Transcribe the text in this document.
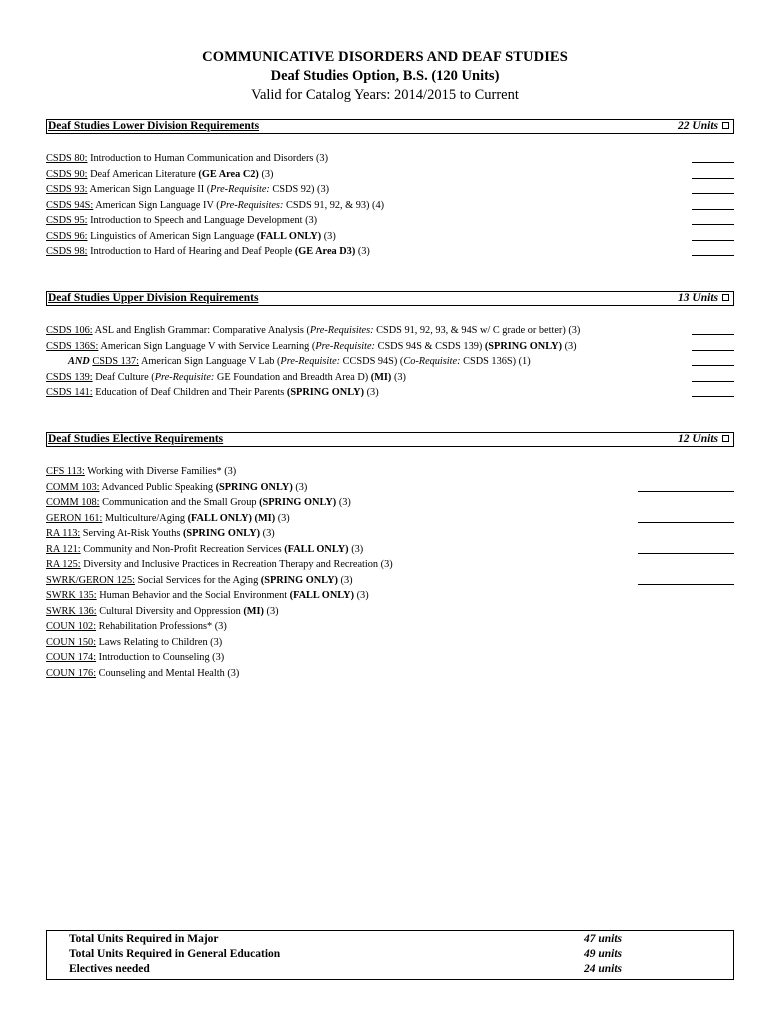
COMMUNICATIVE DISORDERS AND DEAF STUDIES
Deaf Studies Option, B.S. (120 Units)
Valid for Catalog Years: 2014/2015 to Current
Deaf Studies Lower Division Requirements	22 Units
CSDS 80: Introduction to Human Communication and Disorders (3)
CSDS 90: Deaf American Literature (GE Area C2) (3)
CSDS 93: American Sign Language II (Pre-Requisite: CSDS 92) (3)
CSDS 94S: American Sign Language IV (Pre-Requisites: CSDS 91, 92, & 93) (4)
CSDS 95: Introduction to Speech and Language Development (3)
CSDS 96: Linguistics of American Sign Language (FALL ONLY) (3)
CSDS 98: Introduction to Hard of Hearing and Deaf People (GE Area D3) (3)
Deaf Studies Upper Division Requirements	13 Units
CSDS 106: ASL and English Grammar: Comparative Analysis (Pre-Requisites: CSDS 91, 92, 93, & 94S w/ C grade or better) (3)
CSDS 136S: American Sign Language V with Service Learning (Pre-Requisite: CSDS 94S & CSDS 139) (SPRING ONLY) (3)
AND CSDS 137: American Sign Language V Lab (Pre-Requisite: CCSDS 94S) (Co-Requisite: CSDS 136S) (1)
CSDS 139: Deaf Culture (Pre-Requisite: GE Foundation and Breadth Area D) (MI) (3)
CSDS 141: Education of Deaf Children and Their Parents (SPRING ONLY) (3)
Deaf Studies Elective Requirements	12 Units
CFS 113: Working with Diverse Families* (3)
COMM 103: Advanced Public Speaking (SPRING ONLY) (3)
COMM 108: Communication and the Small Group (SPRING ONLY) (3)
GERON 161: Multiculture/Aging (FALL ONLY) (MI) (3)
RA 113: Serving At-Risk Youths (SPRING ONLY) (3)
RA 121: Community and Non-Profit Recreation Services (FALL ONLY) (3)
RA 125: Diversity and Inclusive Practices in Recreation Therapy and Recreation (3)
SWRK/GERON 125: Social Services for the Aging (SPRING ONLY) (3)
SWRK 135: Human Behavior and the Social Environment (FALL ONLY) (3)
SWRK 136: Cultural Diversity and Oppression (MI) (3)
COUN 102: Rehabilitation Professions* (3)
COUN 150: Laws Relating to Children (3)
COUN 174: Introduction to Counseling (3)
COUN 176: Counseling and Mental Health (3)
Total Units Required in Major	47 units
Total Units Required in General Education	49 units
Electives needed	24 units
